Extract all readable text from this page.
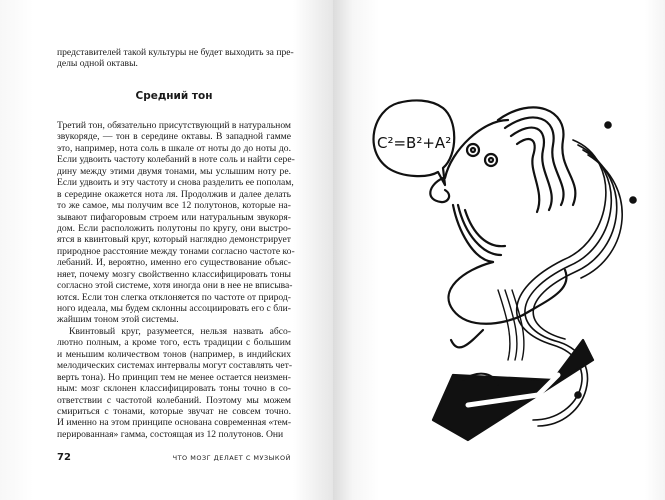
представителей такой культуры не будет выходить за пре-
делы одной октавы.
Средний тон
Третий тон, обязательно присутствующий в натуральном
звукоряде, — тон в середине октавы. В западной гамме
это, например, нота соль в шкале от ноты до до ноты до.
Если удвоить частоту колебаний в ноте соль и найти сере-
дину между этими двумя тонами, мы услышим ноту ре.
Если удвоить и эту частоту и снова разделить ее пополам,
в середине окажется нота ля. Продолжив и далее делать
то же самое, мы получим все 12 полутонов, которые на-
зывают пифагоровым строем или натуральным звукоря-
дом. Если расположить полутоны по кругу, они выстро-
ятся в квинтовый круг, который наглядно демонстрирует
природное расстояние между тонами согласно частоте ко-
лебаний. И, вероятно, именно его существование объяс-
няет, почему мозгу свойственно классифицировать тоны
согласно этой системе, хотя иногда они в нее не вписыва-
ются. Если тон слегка отклоняется по частоте от природ-
ного идеала, мы будем склонны ассоциировать его с бли-
жайшим тоном этой системы.
Квинтовый круг, разумеется, нельзя назвать абсо-
лютно полным, а кроме того, есть традиции с большим
и меньшим количеством тонов (например, в индийских
мелодических системах интервалы могут составлять чет-
верть тона). Но принцип тем не менее остается неизмен-
ным: мозг склонен классифицировать тоны точно в со-
ответствии с частотой колебаний. Поэтому мы можем
смириться с тонами, которые звучат не совсем точно.
И именно на этом принципе основана современная «тем-
перированная» гамма, состоящая из 12 полутонов. Они
72	ЧТО МОЗГ ДЕЛАЕТ С МУЗЫКОЙ
C²=B²+A²
